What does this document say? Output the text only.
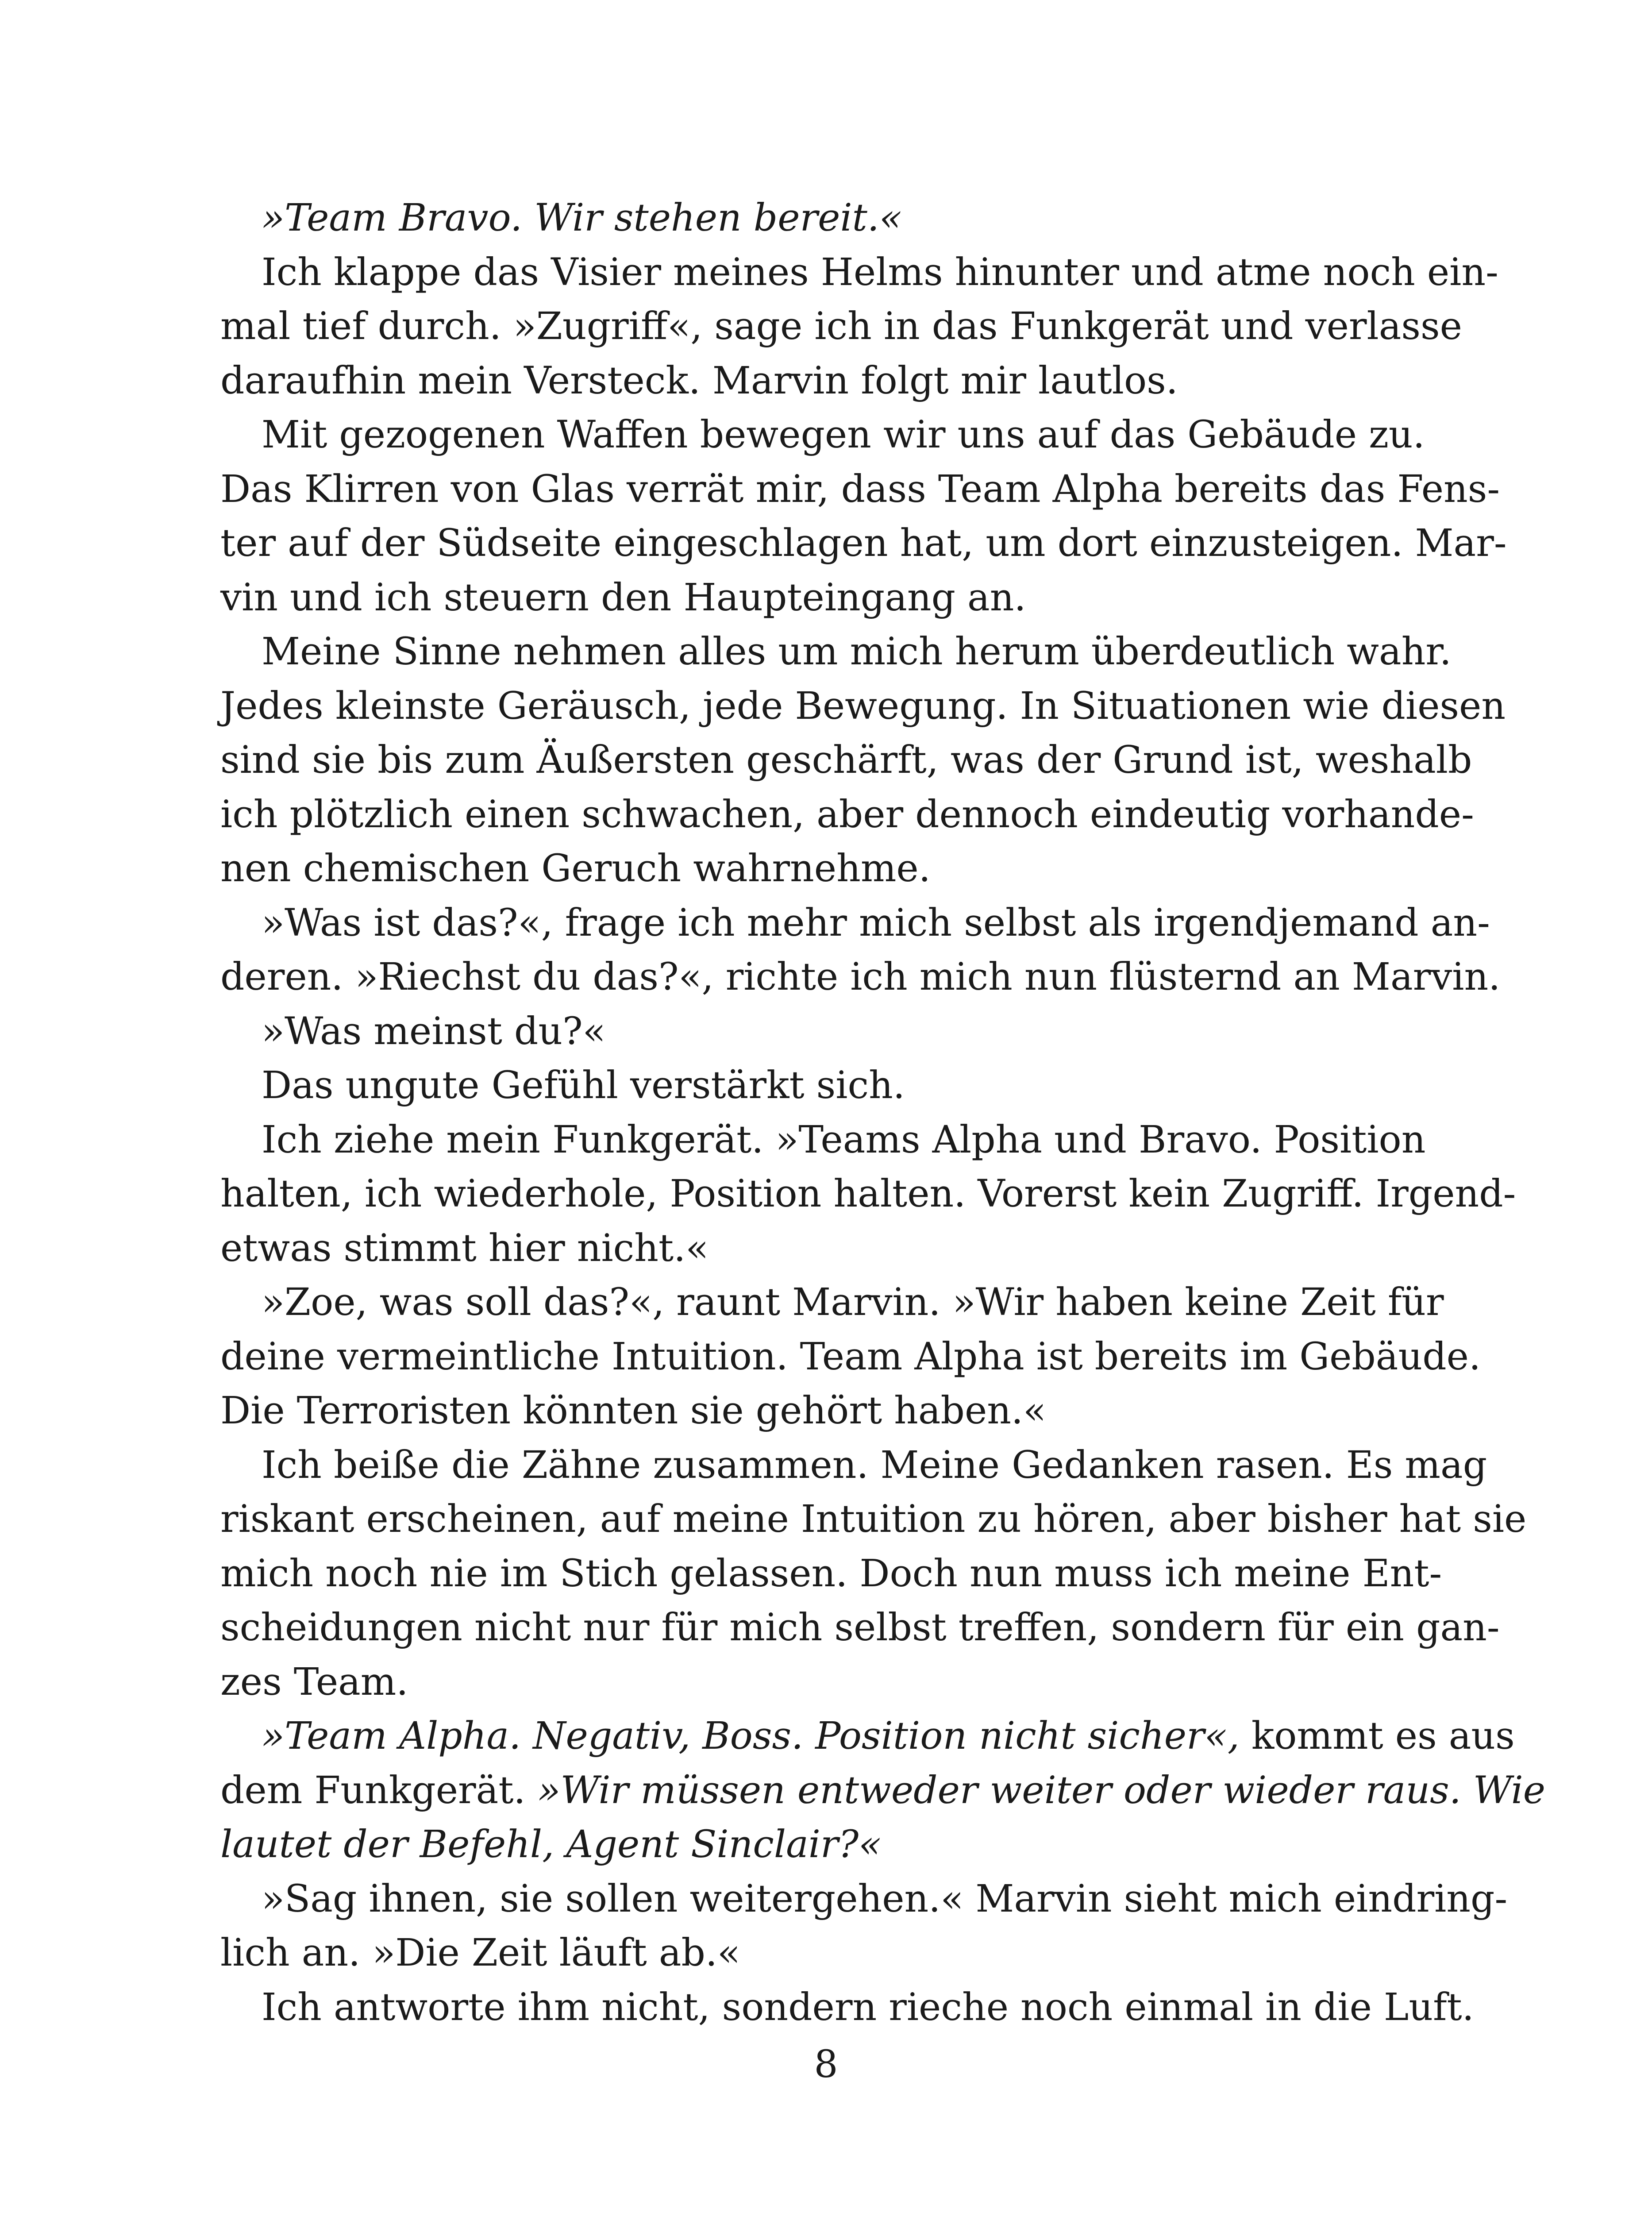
»Team Bravo. Wir stehen bereit.«
Ich klappe das Visier meines Helms hinunter und atme noch ein-
mal tief durch. »Zugriff«, sage ich in das Funkgerät und verlasse
daraufhin mein Versteck. Marvin folgt mir lautlos.
Mit gezogenen Waffen bewegen wir uns auf das Gebäude zu.
Das Klirren von Glas verrät mir, dass Team Alpha bereits das Fens-
ter auf der Südseite eingeschlagen hat, um dort einzusteigen. Mar-
vin und ich steuern den Haupteingang an.
Meine Sinne nehmen alles um mich herum überdeutlich wahr.
Jedes kleinste Geräusch, jede Bewegung. In Situationen wie diesen
sind sie bis zum Äußersten geschärft, was der Grund ist, weshalb
ich plötzlich einen schwachen, aber dennoch eindeutig vorhande-
nen chemischen Geruch wahrnehme.
»Was ist das?«, frage ich mehr mich selbst als irgendjemand an-
deren. »Riechst du das?«, richte ich mich nun flüsternd an Marvin.
»Was meinst du?«
Das ungute Gefühl verstärkt sich.
Ich ziehe mein Funkgerät. »Teams Alpha und Bravo. Position
halten, ich wiederhole, Position halten. Vorerst kein Zugriff. Irgend-
etwas stimmt hier nicht.«
»Zoe, was soll das?«, raunt Marvin. »Wir haben keine Zeit für
deine vermeintliche Intuition. Team Alpha ist bereits im Gebäude.
Die Terroristen könnten sie gehört haben.«
Ich beiße die Zähne zusammen. Meine Gedanken rasen. Es mag
riskant erscheinen, auf meine Intuition zu hören, aber bisher hat sie
mich noch nie im Stich gelassen. Doch nun muss ich meine Ent-
scheidungen nicht nur für mich selbst treffen, sondern für ein gan-
zes Team.
»Team Alpha. Negativ, Boss. Position nicht sicher«, kommt es aus
dem Funkgerät. »Wir müssen entweder weiter oder wieder raus. Wie
lautet der Befehl, Agent Sinclair?«
»Sag ihnen, sie sollen weitergehen.« Marvin sieht mich eindring-
lich an. »Die Zeit läuft ab.«
Ich antworte ihm nicht, sondern rieche noch einmal in die Luft.
8
